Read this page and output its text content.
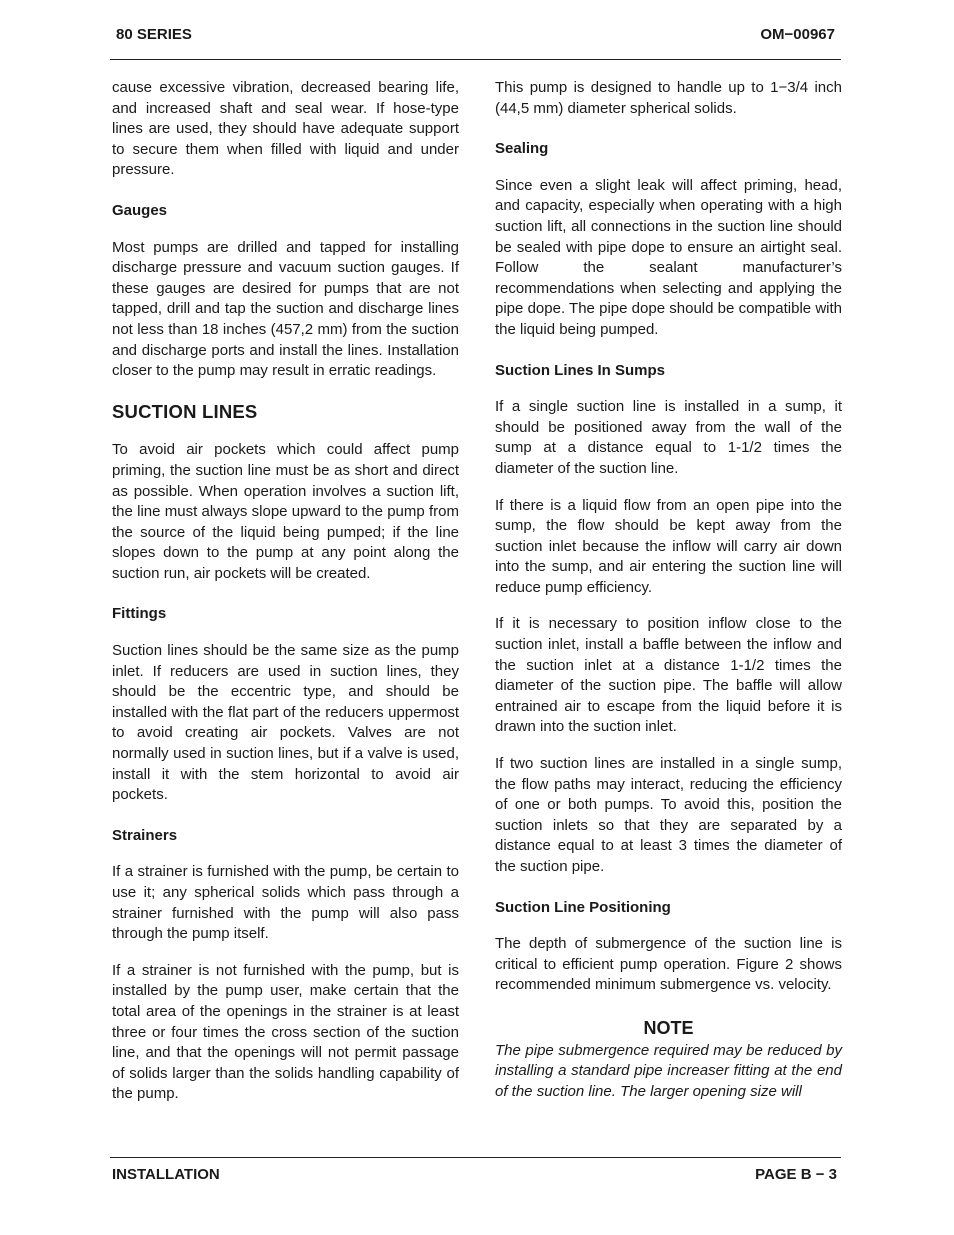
80 SERIES	OM−00967

cause excessive vibration, decreased bearing life, and increased shaft and seal wear. If hose-type lines are used, they should have adequate support to secure them when filled with liquid and under pressure.

Gauges

Most pumps are drilled and tapped for installing discharge pressure and vacuum suction gauges. If these gauges are desired for pumps that are not tapped, drill and tap the suction and discharge lines not less than 18 inches (457,2 mm) from the suction and discharge ports and install the lines. Installation closer to the pump may result in erratic readings.

SUCTION LINES

To avoid air pockets which could affect pump priming, the suction line must be as short and direct as possible. When operation involves a suction lift, the line must always slope upward to the pump from the source of the liquid being pumped; if the line slopes down to the pump at any point along the suction run, air pockets will be created.

Fittings

Suction lines should be the same size as the pump inlet. If reducers are used in suction lines, they should be the eccentric type, and should be installed with the flat part of the reducers uppermost to avoid creating air pockets. Valves are not normally used in suction lines, but if a valve is used, install it with the stem horizontal to avoid air pockets.

Strainers

If a strainer is furnished with the pump, be certain to use it; any spherical solids which pass through a strainer furnished with the pump will also pass through the pump itself.

If a strainer is not furnished with the pump, but is installed by the pump user, make certain that the total area of the openings in the strainer is at least three or four times the cross section of the suction line, and that the openings will not permit passage of solids larger than the solids handling capability of the pump.

This pump is designed to handle up to 1−3/4 inch (44,5 mm) diameter spherical solids.

Sealing

Since even a slight leak will affect priming, head, and capacity, especially when operating with a high suction lift, all connections in the suction line should be sealed with pipe dope to ensure an airtight seal. Follow the sealant manufacturer’s recommendations when selecting and applying the pipe dope. The pipe dope should be compatible with the liquid being pumped.

Suction Lines In Sumps

If a single suction line is installed in a sump, it should be positioned away from the wall of the sump at a distance equal to 1-1/2 times the diameter of the suction line.

If there is a liquid flow from an open pipe into the sump, the flow should be kept away from the suction inlet because the inflow will carry air down into the sump, and air entering the suction line will reduce pump efficiency.

If it is necessary to position inflow close to the suction inlet, install a baffle between the inflow and the suction inlet at a distance 1-1/2 times the diameter of the suction pipe. The baffle will allow entrained air to escape from the liquid before it is drawn into the suction inlet.

If two suction lines are installed in a single sump, the flow paths may interact, reducing the efficiency of one or both pumps. To avoid this, position the suction inlets so that they are separated by a distance equal to at least 3 times the diameter of the suction pipe.

Suction Line Positioning

The depth of submergence of the suction line is critical to efficient pump operation. Figure 2 shows recommended minimum submergence vs. velocity.

NOTE

The pipe submergence required may be reduced by installing a standard pipe increaser fitting at the end of the suction line. The larger opening size will

INSTALLATION	PAGE B − 3
